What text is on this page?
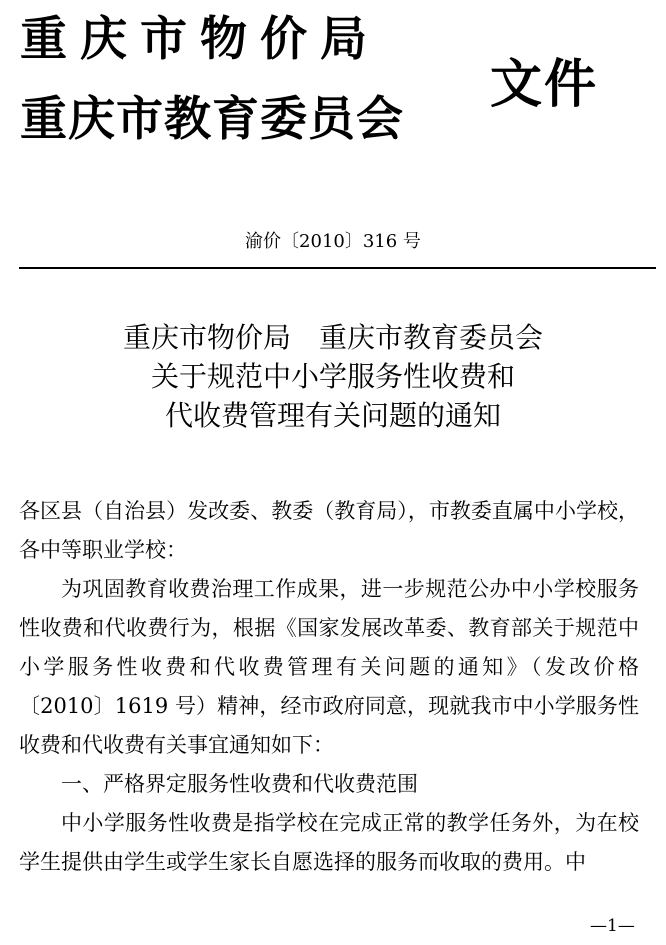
重庆市物价局
重庆市教育委员会
文件
渝价〔2010〕316 号
重庆市物价局　重庆市教育委员会
关于规范中小学服务性收费和
代收费管理有关问题的通知

各区县（自治县）发改委、教委（教育局），市教委直属中小学校，各中等职业学校：

为巩固教育收费治理工作成果，进一步规范公办中小学校服务性收费和代收费行为，根据《国家发展改革委、教育部关于规范中小学服务性收费和代收费管理有关问题的通知》（发改价格〔2010〕1619 号）精神，经市政府同意，现就我市中小学服务性收费和代收费有关事宜通知如下：

一、严格界定服务性收费和代收费范围

中小学服务性收费是指学校在完成正常的教学任务外，为在校学生提供由学生或学生家长自愿选择的服务而收取的费用。中

—1—
